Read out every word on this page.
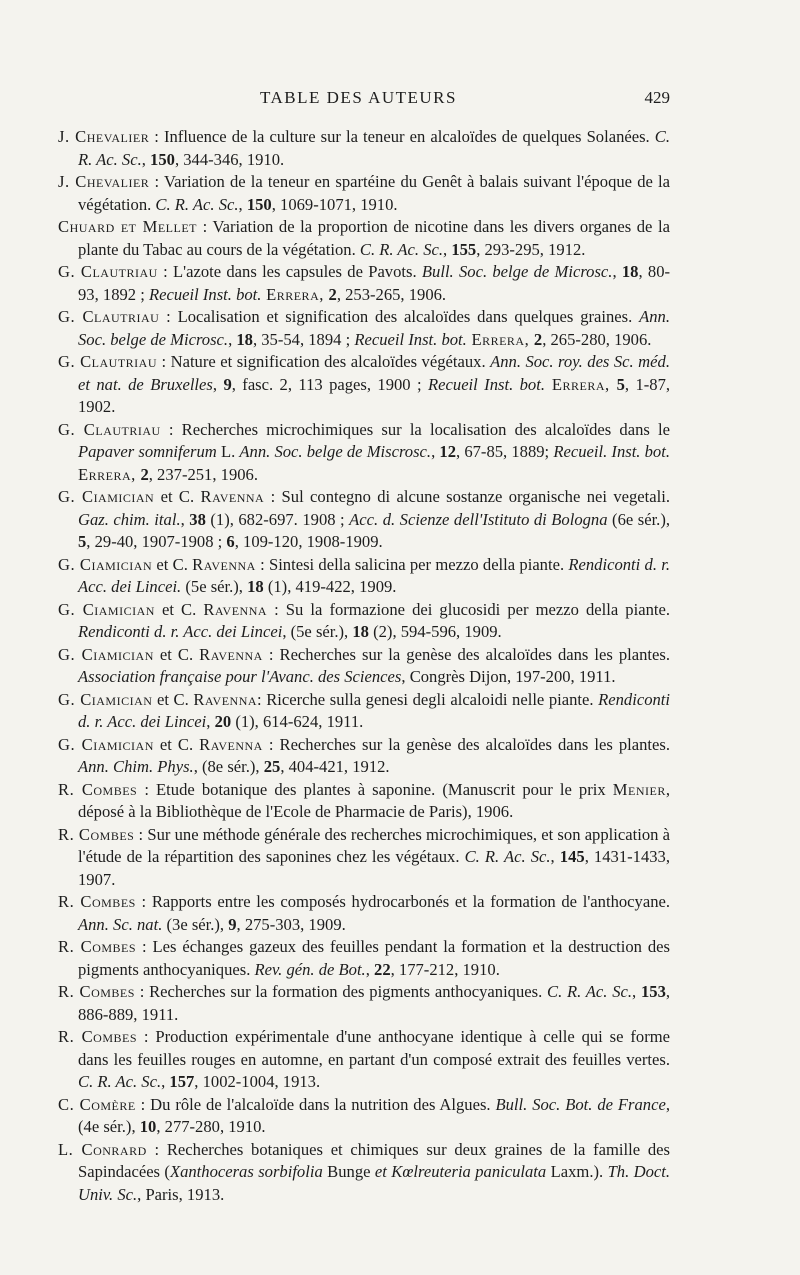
TABLE DES AUTEURS	429

J. Chevalier : Influence de la culture sur la teneur en alcaloïdes de quelques Solanées. C. R. Ac. Sc., 150, 344-346, 1910.

J. Chevalier : Variation de la teneur en spartéine du Genêt à balais suivant l'époque de la végétation. C. R. Ac. Sc., 150, 1069-1071, 1910.

Chuard et Mellet : Variation de la proportion de nicotine dans les divers organes de la plante du Tabac au cours de la végétation. C. R. Ac. Sc., 155, 293-295, 1912.

G. Clautriau : L'azote dans les capsules de Pavots. Bull. Soc. belge de Microsc., 18, 80-93, 1892 ; Recueil Inst. bot. Errera, 2, 253-265, 1906.

G. Clautriau : Localisation et signification des alcaloïdes dans quelques graines. Ann. Soc. belge de Microsc., 18, 35-54, 1894 ; Recueil Inst. bot. Errera, 2, 265-280, 1906.

G. Clautriau : Nature et signification des alcaloïdes végétaux. Ann. Soc. roy. des Sc. méd. et nat. de Bruxelles, 9, fasc. 2, 113 pages, 1900 ; Recueil Inst. bot. Errera, 5, 1-87, 1902.

G. Clautriau : Recherches microchimiques sur la localisation des alcaloïdes dans le Papaver somniferum L. Ann. Soc. belge de Miscrosc., 12, 67-85, 1889; Recueil. Inst. bot. Errera, 2, 237-251, 1906.

G. Ciamician et C. Ravenna : Sul contegno di alcune sostanze organische nei vegetali. Gaz. chim. ital., 38 (1), 682-697. 1908 ; Acc. d. Scienze dell'Istituto di Bologna (6e sér.), 5, 29-40, 1907-1908 ; 6, 109-120, 1908-1909.

G. Ciamician et C. Ravenna : Sintesi della salicina per mezzo della piante. Rendiconti d. r. Acc. dei Lincei. (5e sér.), 18 (1), 419-422, 1909.

G. Ciamician et C. Ravenna : Su la formazione dei glucosidi per mezzo della piante. Rendiconti d. r. Acc. dei Lincei, (5e sér.), 18 (2), 594-596, 1909.

G. Ciamician et C. Ravenna : Recherches sur la genèse des alcaloïdes dans les plantes. Association française pour l'Avanc. des Sciences, Congrès Dijon, 197-200, 1911.

G. Ciamician et C. Ravenna: Ricerche sulla genesi degli alcaloidi nelle piante. Rendiconti d. r. Acc. dei Lincei, 20 (1), 614-624, 1911.

G. Ciamician et C. Ravenna : Recherches sur la genèse des alcaloïdes dans les plantes. Ann. Chim. Phys., (8e sér.), 25, 404-421, 1912.

R. Combes : Etude botanique des plantes à saponine. (Manuscrit pour le prix Menier, déposé à la Bibliothèque de l'Ecole de Pharmacie de Paris), 1906.

R. Combes : Sur une méthode générale des recherches microchimiques, et son application à l'étude de la répartition des saponines chez les végétaux. C. R. Ac. Sc., 145, 1431-1433, 1907.

R. Combes : Rapports entre les composés hydrocarbonés et la formation de l'anthocyane. Ann. Sc. nat. (3e sér.), 9, 275-303, 1909.

R. Combes : Les échanges gazeux des feuilles pendant la formation et la destruction des pigments anthocyaniques. Rev. gén. de Bot., 22, 177-212, 1910.

R. Combes : Recherches sur la formation des pigments anthocyaniques. C. R. Ac. Sc., 153, 886-889, 1911.

R. Combes : Production expérimentale d'une anthocyane identique à celle qui se forme dans les feuilles rouges en automne, en partant d'un composé extrait des feuilles vertes. C. R. Ac. Sc., 157, 1002-1004, 1913.

C. Comère : Du rôle de l'alcaloïde dans la nutrition des Algues. Bull. Soc. Bot. de France, (4e sér.), 10, 277-280, 1910.

L. Conrard : Recherches botaniques et chimiques sur deux graines de la famille des Sapindacées (Xanthoceras sorbifolia Bunge et Kœlreuteria paniculata Laxm.). Th. Doct. Univ. Sc., Paris, 1913.
